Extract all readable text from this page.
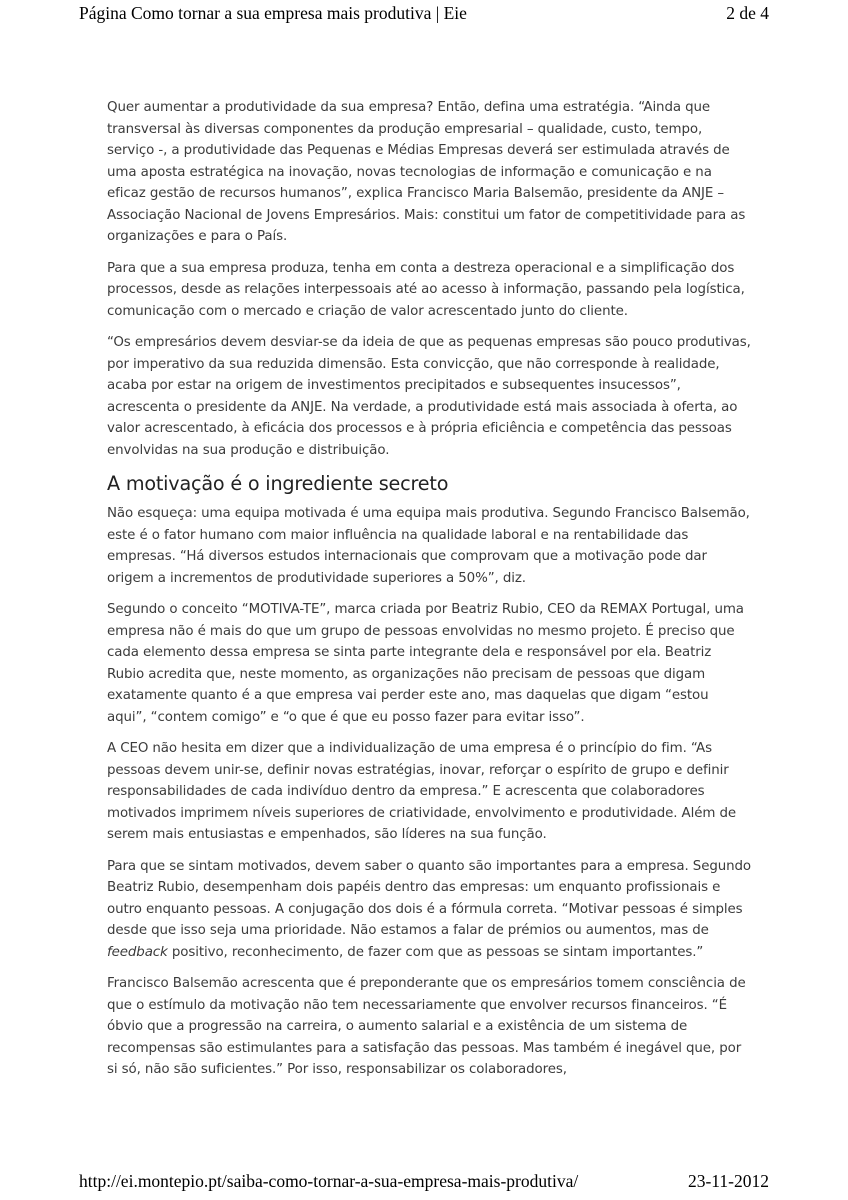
Página Como tornar a sua empresa mais produtiva | Eie	2 de 4

Quer aumentar a produtividade da sua empresa? Então, defina uma estratégia. “Ainda que transversal às diversas componentes da produção empresarial – qualidade, custo, tempo, serviço -, a produtividade das Pequenas e Médias Empresas deverá ser estimulada através de uma aposta estratégica na inovação, novas tecnologias de informação e comunicação e na eficaz gestão de recursos humanos”, explica Francisco Maria Balsemão, presidente da ANJE – Associação Nacional de Jovens Empresários. Mais: constitui um fator de competitividade para as organizações e para o País.

Para que a sua empresa produza, tenha em conta a destreza operacional e a simplificação dos processos, desde as relações interpessoais até ao acesso à informação, passando pela logística, comunicação com o mercado e criação de valor acrescentado junto do cliente.

“Os empresários devem desviar-se da ideia de que as pequenas empresas são pouco produtivas, por imperativo da sua reduzida dimensão. Esta convicção, que não corresponde à realidade, acaba por estar na origem de investimentos precipitados e subsequentes insucessos”, acrescenta o presidente da ANJE. Na verdade, a produtividade está mais associada à oferta, ao valor acrescentado, à eficácia dos processos e à própria eficiência e competência das pessoas envolvidas na sua produção e distribuição.

A motivação é o ingrediente secreto

Não esqueça: uma equipa motivada é uma equipa mais produtiva. Segundo Francisco Balsemão, este é o fator humano com maior influência na qualidade laboral e na rentabilidade das empresas. “Há diversos estudos internacionais que comprovam que a motivação pode dar origem a incrementos de produtividade superiores a 50%”, diz.

Segundo o conceito “MOTIVA-TE”, marca criada por Beatriz Rubio, CEO da REMAX Portugal, uma empresa não é mais do que um grupo de pessoas envolvidas no mesmo projeto. É preciso que cada elemento dessa empresa se sinta parte integrante dela e responsável por ela. Beatriz Rubio acredita que, neste momento, as organizações não precisam de pessoas que digam exatamente quanto é a que empresa vai perder este ano, mas daquelas que digam “estou aqui”, “contem comigo” e “o que é que eu posso fazer para evitar isso”.

A CEO não hesita em dizer que a individualização de uma empresa é o princípio do fim. “As pessoas devem unir-se, definir novas estratégias, inovar, reforçar o espírito de grupo e definir responsabilidades de cada indivíduo dentro da empresa.” E acrescenta que colaboradores motivados imprimem níveis superiores de criatividade, envolvimento e produtividade. Além de serem mais entusiastas e empenhados, são líderes na sua função.

Para que se sintam motivados, devem saber o quanto são importantes para a empresa. Segundo Beatriz Rubio, desempenham dois papéis dentro das empresas: um enquanto profissionais e outro enquanto pessoas. A conjugação dos dois é a fórmula correta. “Motivar pessoas é simples desde que isso seja uma prioridade. Não estamos a falar de prémios ou aumentos, mas de feedback positivo, reconhecimento, de fazer com que as pessoas se sintam importantes.”

Francisco Balsemão acrescenta que é preponderante que os empresários tomem consciência de que o estímulo da motivação não tem necessariamente que envolver recursos financeiros. “É óbvio que a progressão na carreira, o aumento salarial e a existência de um sistema de recompensas são estimulantes para a satisfação das pessoas. Mas também é inegável que, por si só, não são suficientes.” Por isso, responsabilizar os colaboradores,

http://ei.montepio.pt/saiba-como-tornar-a-sua-empresa-mais-produtiva/	23-11-2012
